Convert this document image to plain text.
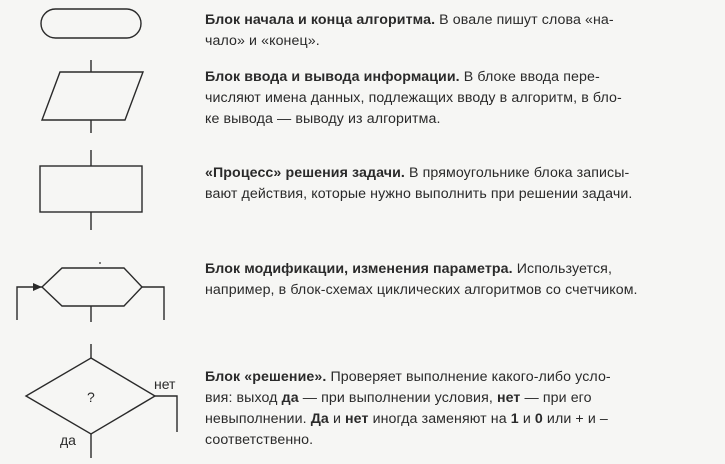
?
нет
да

Блок начала и конца алгоритма. В овале пишут слова «на-
чало» и «конец».

Блок ввода и вывода информации. В блоке ввода пере-
числяют имена данных, подлежащих вводу в алгоритм, в бло-
ке вывода — выводу из алгоритма.

«Процесс» решения задачи. В прямоугольнике блока записы-
вают действия, которые нужно выполнить при решении задачи.

Блок модификации, изменения параметра. Используется,
например, в блок-схемах циклических алгоритмов со счетчиком.

Блок «решение». Проверяет выполнение какого-либо усло-
вия: выход да — при выполнении условия, нет — при его
невыполнении. Да и нет иногда заменяют на 1 и 0 или + и –
соответственно.
